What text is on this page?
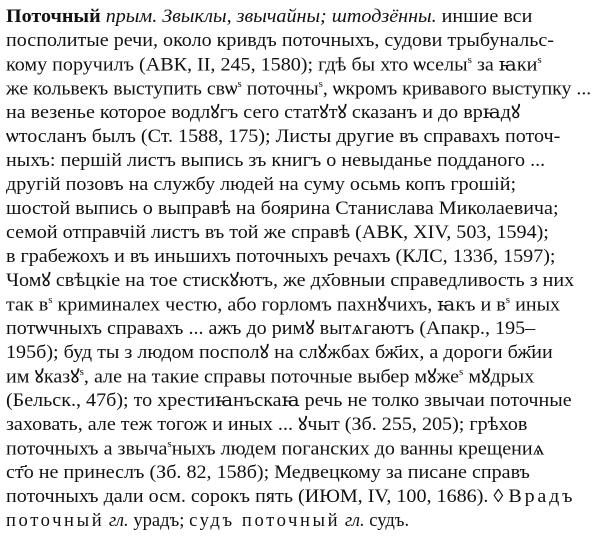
Поточный прым. Звыклы, звычайны; штодзённы. иншие вси
посполитые речи, около кривдъ поточныхъ, судови трыбунальс-
кому поручилъ (АВК, II, 245, 1580); гдѣ бы хто ѡселы$^s$ за ꙗки$^s$
же кольвекъ выступить свѡ$^s$ поточны$^s$, ѡкромъ кривавого выступку ...
на везенье которое водлꙋгъ сего статꙋтꙋ сказанъ и до врꙗдꙋ
ѡтосланъ былъ (Ст. 1588, 175); Листы другие въ справахъ поточ-
ныхъ: першій листъ выпись зъ книгъ о невыданье подданого ...
другій позовъ на службу людей на суму осьмь копъ грошій;
шостой выпись о выправѣ на боярина Станислава Миколаевича;
семой отправчій листъ въ той же справѣ (АВК, XIV, 503, 1594);
в грабежохъ и въ иньшихъ поточныхъ речахъ (КЛС, 133б, 1597);
Чомꙋ свѣцкіе на тое стискꙋютъ, же дх҃овныи справедливость з них
так $в^s$ криминалех честю, або горломъ пахнꙋчихъ, ꙗкъ и $в^s$ иных
потѡчныхъ справахъ ... ажъ до римꙋ вытѧгаютъ (Апакр., 195–
195б); буд ты з людом посполꙋ на слꙋжбах бж҃их, а дороги бж҃ии
им ꙋказꙋ$^s$, але на такие справы поточные выбер мꙋже$^s$ мꙋдрых
(Бельск., 47б); то хрестиꙗнъскаꙗ речь не толко звычаи поточные
заховать, але теж тогож и иных ... ꙋчыт (Зб. 255, 205); грѣхов
поточныхъ а звыча$^s$ныхъ людем поганских до ванны крещениѧ
ст҃о не принеслъ (Зб. 82, 158б); Медвецкому за писане справъ
поточныхъ дали осм. сорокъ пять (ИЮМ, IV, 100, 1686). ◊ Врадъ
поточный гл. урадъ; судъ поточный гл. судъ.
